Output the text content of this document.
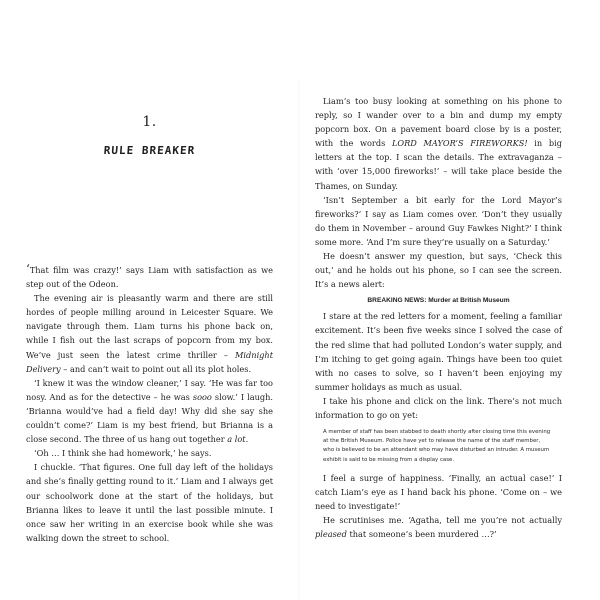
1.
RULE BREAKER

‘That film was crazy!’ says Liam with satisfaction as we step out of the Odeon.

The evening air is pleasantly warm and there are still hordes of people milling around in Leicester Square. We navigate through them. Liam turns his phone back on, while I fish out the last scraps of popcorn from my box. We’ve just seen the latest crime thriller – Midnight Delivery – and can’t wait to point out all its plot holes.

‘I knew it was the window cleaner,’ I say. ‘He was far too nosy. And as for the detective – he was sooo slow.’ I laugh. ‘Brianna would’ve had a field day! Why did she say she couldn’t come?’ Liam is my best friend, but Brianna is a close second. The three of us hang out together a lot.

‘Oh … I think she had homework,’ he says.

I chuckle. ‘That figures. One full day left of the holidays and she’s finally getting round to it.’ Liam and I always get our schoolwork done at the start of the holidays, but Brianna likes to leave it until the last possible minute. I once saw her writing in an exercise book while she was walking down the street to school.

Liam’s too busy looking at something on his phone to reply, so I wander over to a bin and dump my empty popcorn box. On a pavement board close by is a poster, with the words LORD MAYOR’S FIREWORKS! in big letters at the top. I scan the details. The extravaganza – with ‘over 15,000 fireworks!’ – will take place beside the Thames, on Sunday.

‘Isn’t September a bit early for the Lord Mayor’s fireworks?’ I say as Liam comes over. ‘Don’t they usually do them in November – around Guy Fawkes Night?’ I think some more. ‘And I’m sure they’re usually on a Saturday.’

He doesn’t answer my question, but says, ‘Check this out,’ and he holds out his phone, so I can see the screen. It’s a news alert:

BREAKING NEWS: Murder at British Museum

I stare at the red letters for a moment, feeling a familiar excitement. It’s been five weeks since I solved the case of the red slime that had polluted London’s water supply, and I’m itching to get going again. Things have been too quiet with no cases to solve, so I haven’t been enjoying my summer holidays as much as usual.

I take his phone and click on the link. There’s not much information to go on yet:

A member of staff has been stabbed to death shortly after closing time this evening at the British Museum. Police have yet to release the name of the staff member, who is believed to be an attendant who may have disturbed an intruder. A museum exhibit is said to be missing from a display case.

I feel a surge of happiness. ‘Finally, an actual case!’ I catch Liam’s eye as I hand back his phone. ‘Come on – we need to investigate!’

He scrutinises me. ‘Agatha, tell me you’re not actually pleased that someone’s been murdered …?’
